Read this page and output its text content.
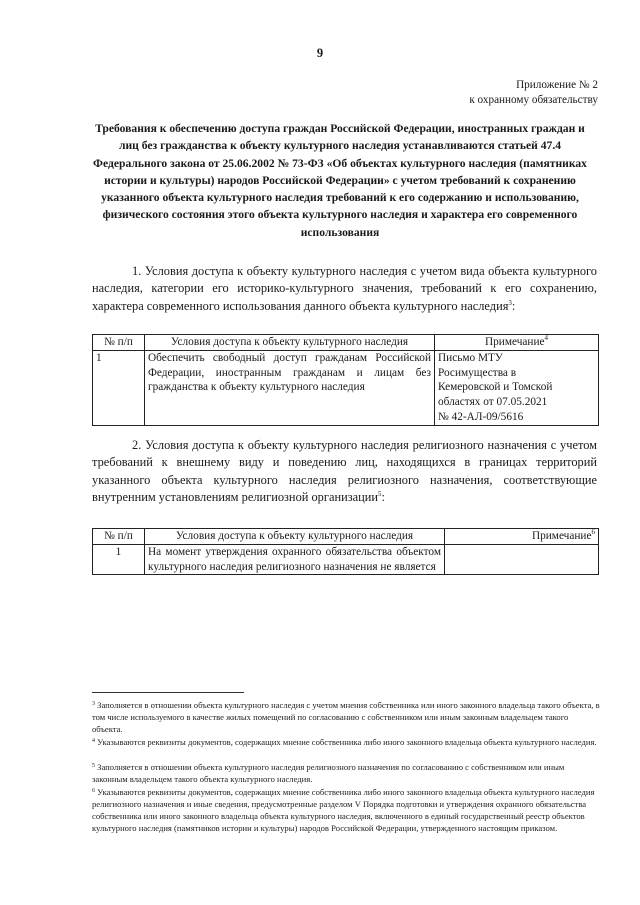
9
Приложение № 2
к охранному обязательству
Требования к обеспечению доступа граждан Российской Федерации, иностранных граждан и лиц без гражданства к объекту культурного наследия устанавливаются статьей 47.4 Федерального закона от 25.06.2002 № 73-ФЗ «Об объектах культурного наследия (памятниках истории и культуры) народов Российской Федерации» с учетом требований к сохранению указанного объекта культурного наследия требований к его содержанию и использованию, физического состояния этого объекта культурного наследия и характера его современного использования
1. Условия доступа к объекту культурного наследия с учетом вида объекта культурного наследия, категории его историко-культурного значения, требований к его сохранению, характера современного использования данного объекта культурного наследия$^3$:
№ п/п	Условия доступа к объекту культурного наследия	Примечание$^4$
1	Обеспечить свободный доступ гражданам Российской Федерации, иностранным гражданам и лицам без гражданства к объекту культурного наследия	Письмо МТУ
Росимущества в
Кемеровской и Томской
областях от 07.05.2021
№ 42-АЛ-09/5616
2. Условия доступа к объекту культурного наследия религиозного назначения с учетом требований к внешнему виду и поведению лиц, находящихся в границах территорий указанного объекта культурного наследия религиозного назначения, соответствующие внутренним установлениям религиозной организации$^5$:
№ п/п	Условия доступа к объекту культурного наследия	Примечание$^6$
1	На момент утверждения охранного обязательства объектом культурного наследия религиозного назначения не является	
$^3$ Заполняется в отношении объекта культурного наследия с учетом мнения собственника или иного законного владельца такого объекта, в том числе используемого в качестве жилых помещений по согласованию с собственником или иным законным владельцем такого объекта.
$^4$ Указываются реквизиты документов, содержащих мнение собственника либо иного законного владельца объекта культурного наследия.
$^5$ Заполняется в отношении объекта культурного наследия религиозного назначения по согласованию с собственником или иным законным владельцем такого объекта культурного наследия.
$^6$ Указываются реквизиты документов, содержащих мнение собственника либо иного законного владельца объекта культурного наследия религиозного назначения и иные сведения, предусмотренные разделом V Порядка подготовки и утверждения охранного обязательства собственника или иного законного владельца объекта культурного наследия, включенного в единый государственный реестр объектов культурного наследия (памятников истории и культуры) народов Российской Федерации, утвержденного настоящим приказом.
